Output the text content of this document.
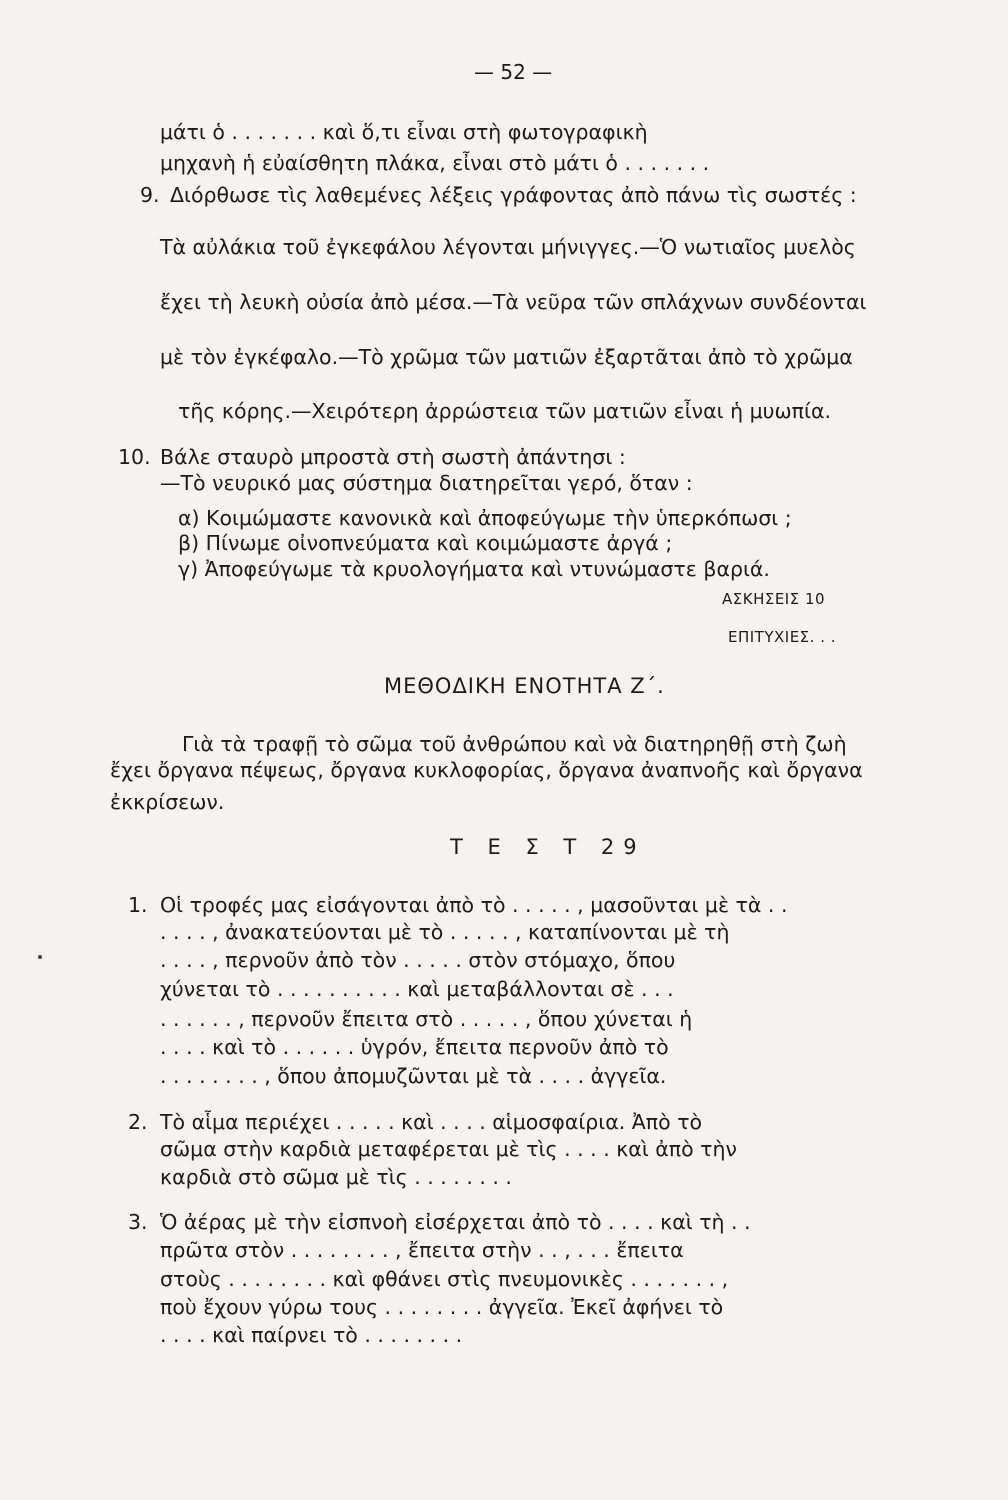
— 52 —
μάτι ὁ . . . . . . . καὶ ὅ,τι εἶναι στὴ φωτογραφικὴ
μηχανὴ ἡ εὐαίσθητη πλάκα, εἶναι στὸ μάτι ὁ . . . . . . .
9. Διόρθωσε τὶς λαθεμένες λέξεις γράφοντας ἀπὸ πάνω τὶς σωστές :
Τὰ αὐλάκια τοῦ ἐγκεφάλου λέγονται μήνιγγες.—Ὁ νωτιαῖος μυελὸς
ἔχει τὴ λευκὴ οὐσία ἀπὸ μέσα.—Τὰ νεῦρα τῶν σπλάχνων συνδέονται
μὲ τὸν ἐγκέφαλο.—Τὸ χρῶμα τῶν ματιῶν ἐξαρτᾶται ἀπὸ τὸ χρῶμα
τῆς κόρης.—Χειρότερη ἀρρώστεια τῶν ματιῶν εἶναι ἡ μυωπία.
10. Βάλε σταυρὸ μπροστὰ στὴ σωστὴ ἀπάντησι :
—Τὸ νευρικό μας σύστημα διατηρεῖται γερό, ὅταν :
α) Κοιμώμαστε κανονικὰ καὶ ἀποφεύγωμε τὴν ὑπερκόπωσι ;
β) Πίνωμε οἰνοπνεύματα καὶ κοιμώμαστε ἀργά ;
γ) Ἀποφεύγωμε τὰ κρυολογήματα καὶ ντυνώμαστε βαριά.
ΑΣΚΗΣΕΙΣ 10
ΕΠΙΤΥΧΙΕΣ. . .
ΜΕΘΟΔΙΚΗ ΕΝΟΤΗΤΑ Ζ΄.
Γιὰ τὰ τραφῇ τὸ σῶμα τοῦ ἀνθρώπου καὶ νὰ διατηρηθῇ στὴ ζωὴ
ἔχει ὄργανα πέψεως, ὄργανα κυκλοφορίας, ὄργανα ἀναπνοῆς καὶ ὄργανα
ἐκκρίσεων.
Τ Ε Σ Τ 29
1. Οἱ τροφές μας εἰσάγονται ἀπὸ τὸ . . . . . , μασοῦνται μὲ τὰ . .
. . . . , ἀνακατεύονται μὲ τὸ . . . . . , καταπίνονται μὲ τὴ
. . . . , περνοῦν ἀπὸ τὸν . . . . . στὸν στόμαχο, ὅπου
χύνεται τὸ . . . . . . . . . . καὶ μεταβάλλονται σὲ . . .
. . . . . . , περνοῦν ἔπειτα στὸ . . . . . , ὅπου χύνεται ἡ
. . . . καὶ τὸ . . . . . . ὑγρόν, ἔπειτα περνοῦν ἀπὸ τὸ
. . . . . . . . , ὅπου ἀπομυζῶνται μὲ τὰ . . . . ἀγγεῖα.
2. Τὸ αἷμα περιέχει . . . . . καὶ . . . . αἱμοσφαίρια. Ἀπὸ τὸ
σῶμα στὴν καρδιὰ μεταφέρεται μὲ τὶς . . . . καὶ ἀπὸ τὴν
καρδιὰ στὸ σῶμα μὲ τὶς . . . . . . . .
3. Ὁ ἀέρας μὲ τὴν εἰσπνοὴ εἰσέρχεται ἀπὸ τὸ . . . . καὶ τὴ . .
πρῶτα στὸν . . . . . . . . , ἔπειτα στὴν . . , . . . ἔπειτα
στοὺς . . . . . . . . καὶ φθάνει στὶς πνευμονικὲς . . . . . . . ,
ποὺ ἔχουν γύρω τους . . . . . . . . ἀγγεῖα. Ἐκεῖ ἀφήνει τὸ
. . . . καὶ παίρνει τὸ . . . . . . . .
